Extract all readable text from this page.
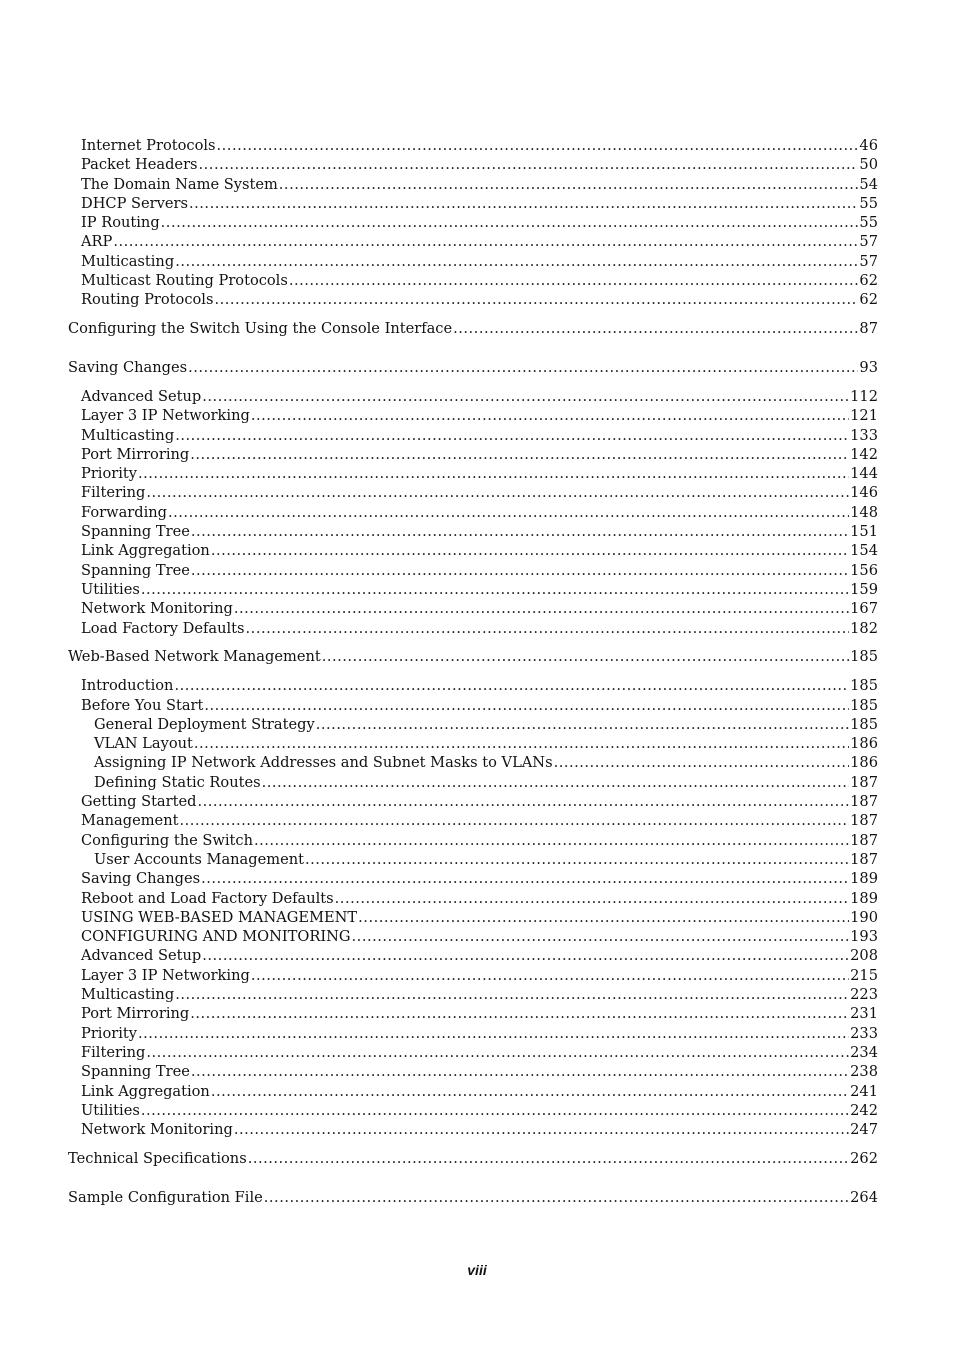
Internet Protocols .....	46
Packet Headers .....	50
The Domain Name System .....	54
DHCP Servers .....	55
IP Routing .....	55
ARP .....	57
Multicasting .....	57
Multicast Routing Protocols .....	62
Routing Protocols .....	62
Configuring the Switch Using the Console Interface .....	87
Saving Changes .....	93
Advanced Setup .....	112
Layer 3 IP Networking .....	121
Multicasting .....	133
Port Mirroring .....	142
Priority .....	144
Filtering .....	146
Forwarding .....	148
Spanning Tree .....	151
Link Aggregation .....	154
Spanning Tree .....	156
Utilities .....	159
Network Monitoring .....	167
Load Factory Defaults .....	182
Web-Based Network Management .....	185
Introduction .....	185
Before You Start .....	185
General Deployment Strategy .....	185
VLAN Layout .....	186
Assigning IP Network Addresses and Subnet Masks to VLANs .....	186
Defining Static Routes .....	187
Getting Started .....	187
Management .....	187
Configuring the Switch .....	187
User Accounts Management .....	187
Saving Changes .....	189
Reboot and Load Factory Defaults .....	189
USING WEB-BASED MANAGEMENT .....	190
CONFIGURING AND MONITORING .....	193
Advanced Setup .....	208
Layer 3 IP Networking .....	215
Multicasting .....	223
Port Mirroring .....	231
Priority .....	233
Filtering .....	234
Spanning Tree .....	238
Link Aggregation .....	241
Utilities .....	242
Network Monitoring .....	247
Technical Specifications .....	262
Sample Configuration File .....	264
viii
